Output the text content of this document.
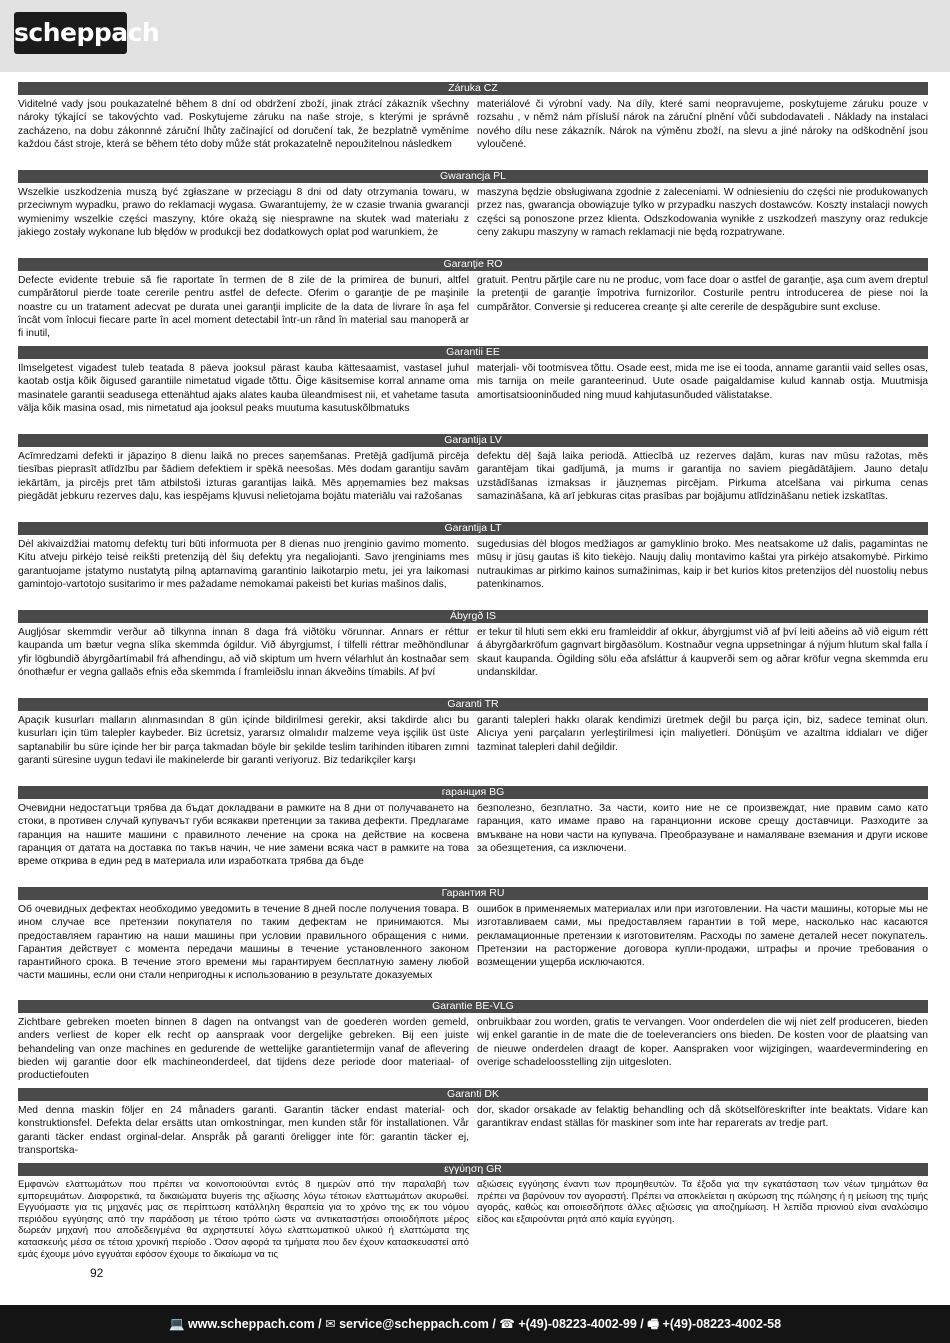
scheppach
Záruka CZ
Viditelné vady jsou poukazatelné během 8 dní od obdržení zboží, jinak ztrácí zákazník všechny nároky týkající se takovýchto vad. Poskytujeme záruku na naše stroje, s kterými je správně zacházeno, na dobu zákonnné záruční lhůty začínající od doručení tak, že bezplatně vyměníme každou část stroje, která se během této doby může stát prokazatelně nepoužitelnou následkem
materiálové či výrobní vady. Na díly, které sami neopravujeme, poskytujeme záruku pouze v rozsahu , v němž nám přísluší nárok na záruční plnění vůči subdodavateli . Náklady na instalaci nového dílu nese zákazník. Nárok na výměnu zboží, na slevu a jiné nároky na odškodnění jsou vyloučené.
Gwarancja PL
Wszelkie uszkodzenia muszą być zgłaszane w przeciągu 8 dni od daty otrzymania towaru, w przeciwnym wypadku, prawo do reklamacji wygasa. Gwarantujemy, że w czasie trwania gwarancji wymienimy wszelkie części maszyny, które okażą się niesprawne na skutek wad materiału z jakiego zostały wykonane lub błędów w produkcji bez dodatkowych oplat pod warunkiem, że
maszyna będzie obsługiwana zgodnie z zaleceniami. W odniesieniu do części nie produkowanych przez nas, gwarancja obowiązuje tylko w przypadku naszych dostawców. Koszty instalacji nowych części są ponoszone przez klienta. Odszkodowania wynikłe z uszkodzeń maszyny oraz redukcje ceny zakupu maszyny w ramach reklamacji nie będą rozpatrywane.
Garanţie RO
Defecte evidente trebuie să fie raportate în termen de 8 zile de la primirea de bunuri, altfel cumpărătorul pierde toate cererile pentru astfel de defecte. Oferim o garanţie de pe maşinile noastre cu un tratament adecvat pe durata unei garanţii implicite de la data de livrare în aşa fel încât vom înlocui fiecare parte în acel moment detectabil într-un rând în material sau manoperă ar fi inutil,
gratuit. Pentru părţile care nu ne produc, vom face doar o astfel de garanţie, aşa cum avem dreptul la pretenţii de garanţie împotriva furnizorilor. Costurile pentru introducerea de piese noi la cumpărător. Conversie şi reducerea creanţe şi alte cererile de despăgubire sunt excluse.
Garantii EE
Ilmselgetest vigadest tuleb teatada 8 päeva jooksul pärast kauba kättesaamist, vastasel juhul kaotab ostja kõik õigused garantiile nimetatud vigade tõttu. Õige käsitsemise korral anname oma masinatele garantii seadusega ettenähtud ajaks alates kauba üleandmisest nii, et vahetame tasuta välja kõik masina osad, mis nimetatud aja jooksul peaks muutuma kasutuskõlbmatuks
materjali- või tootmisvea tõttu. Osade eest, mida me ise ei tooda, anname garantii vaid selles osas, mis tarnija on meile garanteerinud. Uute osade paigaldamise kulud kannab ostja. Muutmisja amortisatsiooninõuded ning muud kahjutasunõuded välistatakse.
Garantija LV
Acīmredzami defekti ir jāpaziņo 8 dienu laikā no preces saņemšanas. Pretējā gadījumā pircēja tiesības pieprasīt atlīdzību par šādiem defektiem ir spēkā neesošas. Mēs dodam garantiju savām iekārtām, ja pircējs pret tām atbilstoši izturas garantijas laikā. Mēs apņemamies bez maksas piegādāt jebkuru rezerves daļu, kas iespējams kļuvusi nelietojama bojātu materiālu vai ražošanas
defektu dēļ šajā laika periodā. Attiecībā uz rezerves daļām, kuras nav mūsu ražotas, mēs garantējam tikai gadījumā, ja mums ir garantija no saviem piegādātājiem. Jauno detaļu uzstādīšanas izmaksas ir jāuzņemas pircējam. Pirkuma atcelšana vai pirkuma cenas samazināšana, kā arī jebkuras citas prasības par bojājumu atlīdzināšanu netiek izskatītas.
Garantija LT
Dėl akivaizdžiai matomų defektų turi būti informuota per 8 dienas nuo įrenginio gavimo momento. Kitu atveju pirkėjo teisė reikšti pretenziją dėl šių defektų yra negaliojanti. Savo įrenginiams mes garantuojame įstatymo nustatytą pilną aptarnavimą garantinio laikotarpio metu, jei yra laikomasi gamintojo-vartotojo susitarimo ir mes pažadame nemokamai pakeisti bet kurias mašinos dalis,
sugedusias dėl blogos medžiagos ar gamyklinio broko. Mes neatsakome už dalis, pagamintas ne mūsų ir jūsų gautas iš kito tiekėjo. Naujų dalių montavimo kaštai yra pirkėjo atsakomybė. Pirkimo nutraukimas ar pirkimo kainos sumažinimas, kaip ir bet kurios kitos pretenzijos dėl nuostolių nebus patenkinamos.
Ábyrgð IS
Augljósar skemmdir verður að tilkynna innan 8 daga frá viðtöku vörunnar. Annars er réttur kaupanda um bætur vegna slíka skemmda ógildur. Við ábyrgjumst, í tilfelli réttrar meðhöndlunar yfir lögbundið ábyrgðartímabil frá afhendingu, að við skiptum um hvern vélarhlut án kostnaðar sem ónothæfur er vegna gallaðs efnis eða skemmda í framleiðslu innan ákveðins tímabils. Af því
er tekur til hluti sem ekki eru framleiddir af okkur, ábyrgjumst við af því leiti aðeins að við eigum rétt á ábyrgðarkröfum gagnvart birgðasölum. Kostnaður vegna uppsetningar á nýjum hlutum skal falla í skaut kaupanda. Ógilding sölu eða afsláttur á kaupverði sem og aðrar kröfur vegna skemmda eru undanskildar.
Garanti TR
Apaçık kusurları malların alınmasından 8 gün içinde bildirilmesi gerekir, aksi takdirde alıcı bu kusurları için tüm talepler kaybeder. Biz ücretsiz, yararsız olmalıdır malzeme veya işçilik üst üste saptanabilir bu süre içinde her bir parça takmadan böyle bir şekilde teslim tarihinden itibaren zımni garanti süresine uygun tedavi ile makinelerde bir garanti veriyoruz. Biz tedarikçiler karşı
garanti talepleri hakkı olarak kendimizi üretmek değil bu parça için, biz, sadece teminat olun. Alıcıya yeni parçaların yerleştirilmesi için maliyetleri. Dönüşüm ve azaltma iddiaları ve diğer tazminat talepleri dahil değildir.
гаранция BG
Очевидни недостатъци трябва да бъдат докладвани в рамките на 8 дни от получаването на стоки, в противен случай купувачът губи всякакви претенции за такива дефекти. Предлагаме гаранция на нашите машини с правилното лечение на срока на действие на косвена гаранция от датата на доставка по такъв начин, че ние замени всяка част в рамките на това време открива в един ред в материала или изработката трябва да бъде
безполезно, безплатно. За части, които ние не се произвеждат, ние правим само като гаранция, като имаме право на гаранционни искове срещу доставчици. Разходите за вмъкване на нови части на купувача. Преобразуване и намаляване вземания и други искове за обезщетения, са изключени.
Гарантия RU
Об очевидных дефектах необходимо уведомить в течение 8 дней после получения товара. В ином случае все претензии покупателя по таким дефектам не принимаются. Мы предоставляем гарантию на наши машины при условии правильного обращения с ними. Гарантия действует с момента передачи машины в течение установленного законом гарантийного срока. В течение этого времени мы гарантируем бесплатную замену любой части машины, если они стали непригодны к использованию в результате доказуемых
ошибок в применяемых материалах или при изготовлении. На части машины, которые мы не изготавливаем сами, мы предоставляем гарантии в той мере, насколько нас касаются рекламационные претензии к изготовителям. Расходы по замене деталей несет покупатель. Претензии на расторжение договора купли-продажи, штрафы и прочие требования о возмещении ущерба исключаются.
Garantie BE-VLG
Zichtbare gebreken moeten binnen 8 dagen na ontvangst van de goederen worden gemeld, anders verliest de koper elk recht op aanspraak voor dergelijke gebreken. Bij een juiste behandeling van onze machines en gedurende de wettelijke garantietermijn vanaf de aflevering bieden wij garantie door elk machineonderdeel, dat tijdens deze periode door materiaal- of productiefouten
onbruikbaar zou worden, gratis te vervangen. Voor onderdelen die wij niet zelf produceren, bieden wij enkel garantie in de mate die de toeleveranciers ons bieden. De kosten voor de plaatsing van de nieuwe onderdelen draagt de koper. Aanspraken voor wijzigingen, waardevermindering en overige schadeloosstelling zijn uitgesloten.
Garanti DK
Med denna maskin följer en 24 månaders garanti. Garantin täcker endast material- och konstruktionsfel. Defekta delar ersätts utan omkostningar, men kunden står för installationen. Vår garanti täcker endast orginal-delar. Anspråk på garanti öreligger inte för: garantin täcker ej, transportska-
dor, skador orsakade av felaktig behandling och då skötselföreskrifter inte beaktats. Vidare kan garantikrav endast ställas för maskiner som inte har reparerats av tredje part.
εγγύηση GR
Εμφανών ελαττωμάτων που πρέπει να κοινοποιούνται εντός 8 ημερών από την παραλαβή των εμπορευμάτων. Διαφορετικά, τα δικαιώματα buyeris της αξίωσης λόγω τέτοιων ελαττωμάτων ακυρωθεί. Εγγυόμαστε για τις μηχανές μας σε περίπτωση κατάλληλη θεραπεία για το χρόνο της εκ του νόμου περιόδου εγγύησης από την παράδοση με τέτοιο τρόπο ώστε να αντικαταστήσει οποιοδήποτε μέρος δωρεάν μηχανή που αποδεδειγμένα θα αχρηστευτεί λόγω ελαττωματικού υλικού ή ελαττώματα της κατασκευής μέσα σε τέτοια χρονική περίοδο . Όσον αφορά τα τμήματα που δεν έχουν κατασκευαστεί από εμάς έχουμε μόνο εγγυάται εφόσον έχουμε το δικαίωμα να τις
αξιώσεις εγγύησης έναντι των προμηθευτών. Τα έξοδα για την εγκατάσταση των νέων τμημάτων θα πρέπει να βαρύνουν τον αγοραστή. Πρέπει να αποκλείεται η ακύρωση της πώλησης ή η μείωση της τιμής αγοράς, καθώς και οποιεσδήποτε άλλες αξιώσεις για αποζημίωση. Η λεπίδα πριονιού είναι αναλώσιμο είδος και εξαιρούνται ρητά από καμία εγγύηση.
92
💻 www.scheppach.com / ✉ service@scheppach.com / ☎ +(49)-08223-4002-99 / 🖷 +(49)-08223-4002-58
